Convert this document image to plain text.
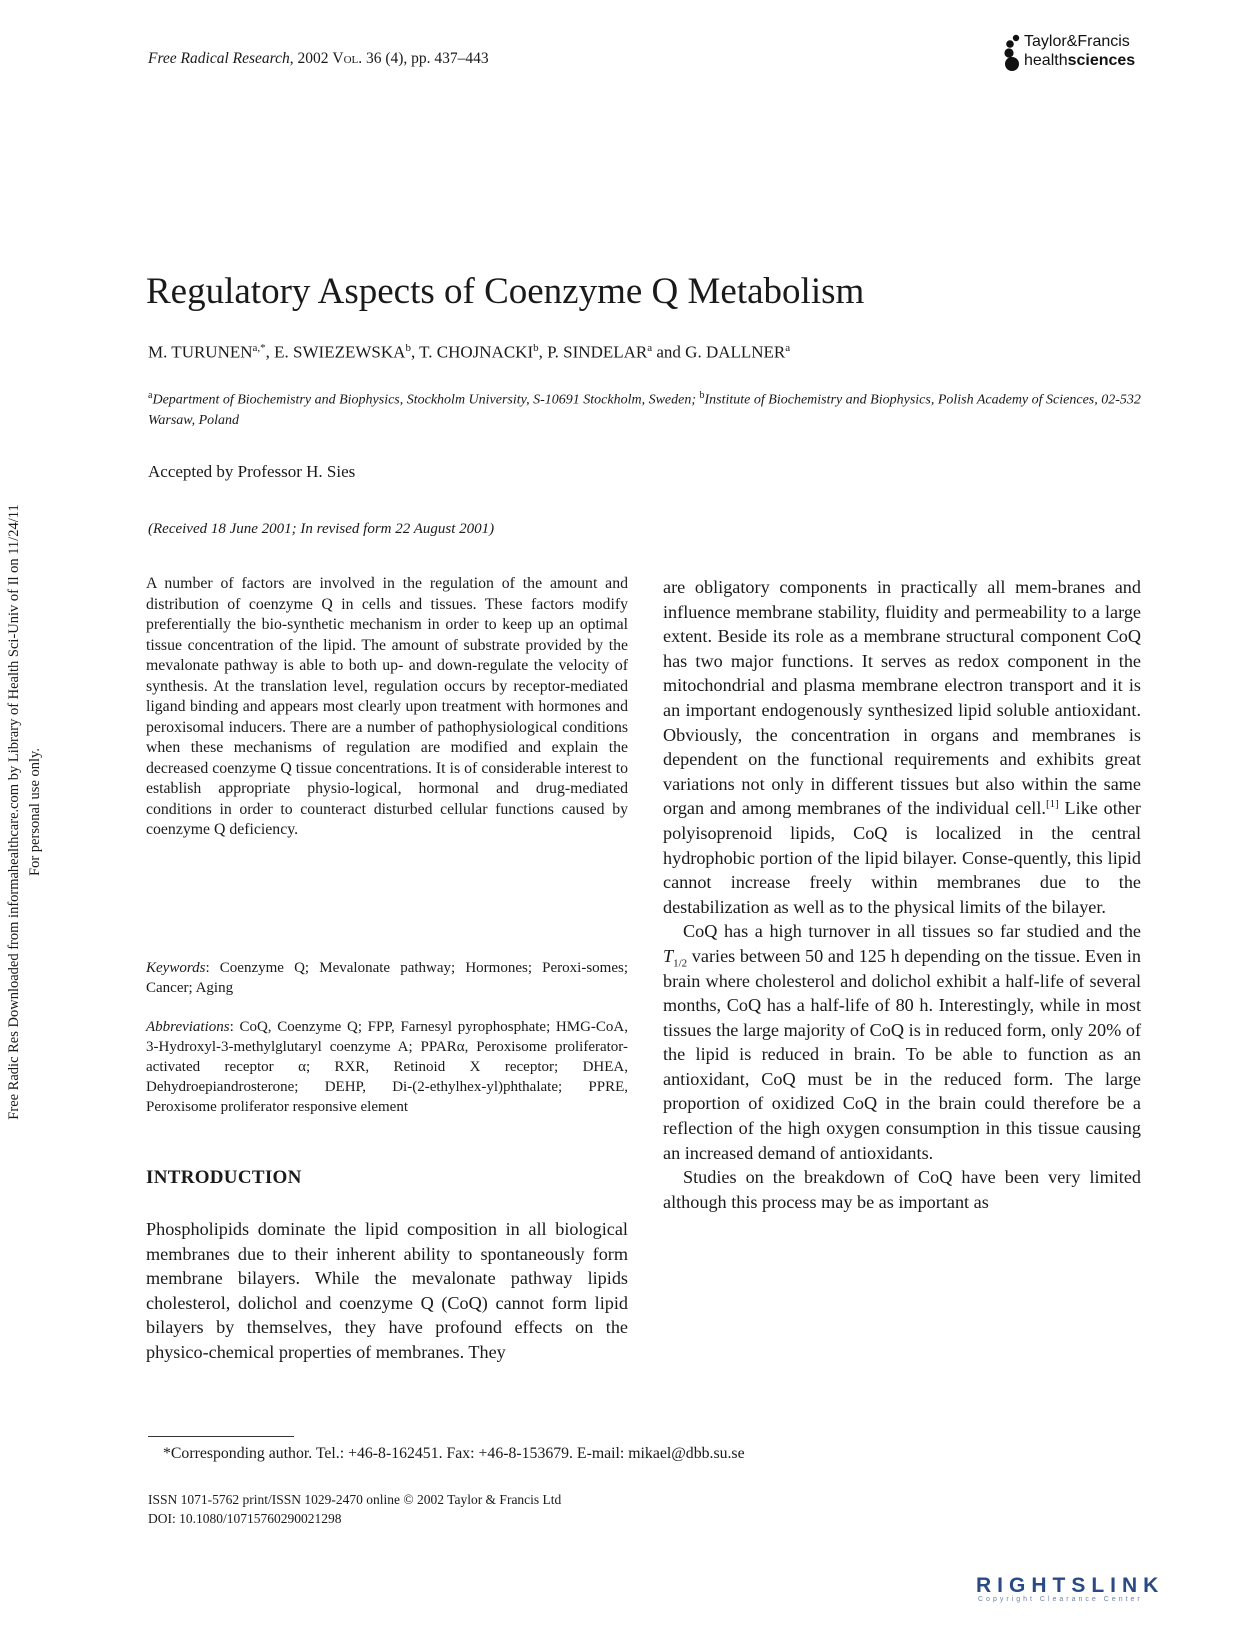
Free Radical Research, 2002 Vol. 36 (4), pp. 437–443
Taylor&Francis
healthsciences
Free Radic Res Downloaded from informahealthcare.com by Library of Health Sci-Univ of Il on 11/24/11 For personal use only.
Regulatory Aspects of Coenzyme Q Metabolism
M. $TURUNEN^{a,*}$, E. SWIEZEWSKA$^b$, T. CHOJNACKI$^b$, P. SINDELAR$^a$ and G. DALLNER$^a$
$^a$Department of Biochemistry and Biophysics, Stockholm University, S-10691 Stockholm, Sweden; $^b$Institute of Biochemistry and Biophysics, Polish Academy of Sciences, 02-532 Warsaw, Poland
Accepted by Professor H. Sies
(Received 18 June 2001; In revised form 22 August 2001)
A number of factors are involved in the regulation of the amount and distribution of coenzyme Q in cells and tissues. These factors modify preferentially the bio-synthetic mechanism in order to keep up an optimal tissue concentration of the lipid. The amount of substrate provided by the mevalonate pathway is able to both up- and down-regulate the velocity of synthesis. At the translation level, regulation occurs by receptor-mediated ligand binding and appears most clearly upon treatment with hormones and peroxisomal inducers. There are a number of pathophysiological conditions when these mechanisms of regulation are modified and explain the decreased coenzyme Q tissue concentrations. It is of considerable interest to establish appropriate physio-logical, hormonal and drug-mediated conditions in order to counteract disturbed cellular functions caused by coenzyme Q deficiency.
Keywords: Coenzyme Q; Mevalonate pathway; Hormones; Peroxi-somes; Cancer; Aging
Abbreviations: CoQ, Coenzyme Q; FPP, Farnesyl pyrophosphate; HMG-CoA, 3-Hydroxyl-3-methylglutaryl coenzyme A; PPARα, Peroxisome proliferator-activated receptor α; RXR, Retinoid X receptor; DHEA, Dehydroepiandrosterone; DEHP, Di-(2-ethylhex-yl)phthalate; PPRE, Peroxisome proliferator responsive element
INTRODUCTION
Phospholipids dominate the lipid composition in all biological membranes due to their inherent ability to spontaneously form membrane bilayers. While the mevalonate pathway lipids cholesterol, dolichol and coenzyme Q (CoQ) cannot form lipid bilayers by themselves, they have profound effects on the physico-chemical properties of membranes. They

are obligatory components in practically all mem-branes and influence membrane stability, fluidity and permeability to a large extent. Beside its role as a membrane structural component CoQ has two major functions. It serves as redox component in the mitochondrial and plasma membrane electron transport and it is an important endogenously synthesized lipid soluble antioxidant. Obviously, the concentration in organs and membranes is dependent on the functional requirements and exhibits great variations not only in different tissues but also within the same organ and among membranes of the individual cell.[1] Like other polyisoprenoid lipids, CoQ is localized in the central hydrophobic portion of the lipid bilayer. Conse-quently, this lipid cannot increase freely within membranes due to the destabilization as well as to the physical limits of the bilayer.

CoQ has a high turnover in all tissues so far studied and the $T_{1/2}$ varies between 50 and 125 h depending on the tissue. Even in brain where cholesterol and dolichol exhibit a half-life of several months, CoQ has a half-life of 80 h. Interestingly, while in most tissues the large majority of CoQ is in reduced form, only 20% of the lipid is reduced in brain. To be able to function as an antioxidant, CoQ must be in the reduced form. The large proportion of oxidized CoQ in the brain could therefore be a reflection of the high oxygen consumption in this tissue causing an increased demand of antioxidants.

Studies on the breakdown of CoQ have been very limited although this process may be as important as

*Corresponding author. Tel.: +46-8-162451. Fax: +46-8-153679. E-mail: mikael@dbb.su.se
ISSN 1071-5762 print/ISSN 1029-2470 online © 2002 Taylor & Francis Ltd
DOI: 10.1080/10715760290021298
RIGHTSLINK
Copyright Clearance Center
